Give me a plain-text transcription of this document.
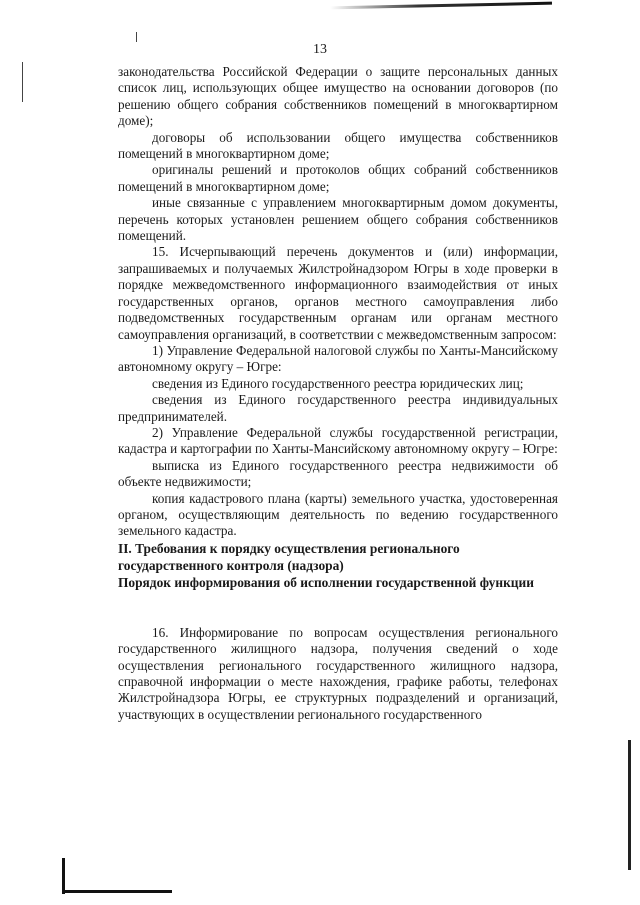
13

законодательства Российской Федерации о защите персональных данных список лиц, использующих общее имущество на основании договоров (по решению общего собрания собственников помещений в многоквартирном доме);

договоры об использовании общего имущества собственников помещений в многоквартирном доме;

оригиналы решений и протоколов общих собраний собственников помещений в многоквартирном доме;

иные связанные с управлением многоквартирным домом документы, перечень которых установлен решением общего собрания собственников помещений.

15. Исчерпывающий перечень документов и (или) информации, запрашиваемых и получаемых Жилстройнадзором Югры в ходе проверки в порядке межведомственного информационного взаимодействия от иных государственных органов, органов местного самоуправления либо подведомственных государственным органам или органам местного самоуправления организаций, в соответствии с межведомственным запросом:

1) Управление Федеральной налоговой службы по Ханты-Мансийскому автономному округу – Югре:

сведения из Единого государственного реестра юридических лиц;

сведения из Единого государственного реестра индивидуальных предпринимателей.

2) Управление Федеральной службы государственной регистрации, кадастра и картографии по Ханты-Мансийскому автономному округу – Югре:

выписка из Единого государственного реестра недвижимости об объекте недвижимости;

копия кадастрового плана (карты) земельного участка, удостоверенная органом, осуществляющим деятельность по ведению государственного земельного кадастра.

II. Требования к порядку осуществления регионального

государственного контроля (надзора)

Порядок информирования об исполнении государственной функции

16. Информирование по вопросам осуществления регионального государственного жилищного надзора, получения сведений о ходе осуществления регионального государственного жилищного надзора, справочной информации о месте нахождения, графике работы, телефонах Жилстройнадзора Югры, ее структурных подразделений и организаций, участвующих в осуществлении регионального государственного
